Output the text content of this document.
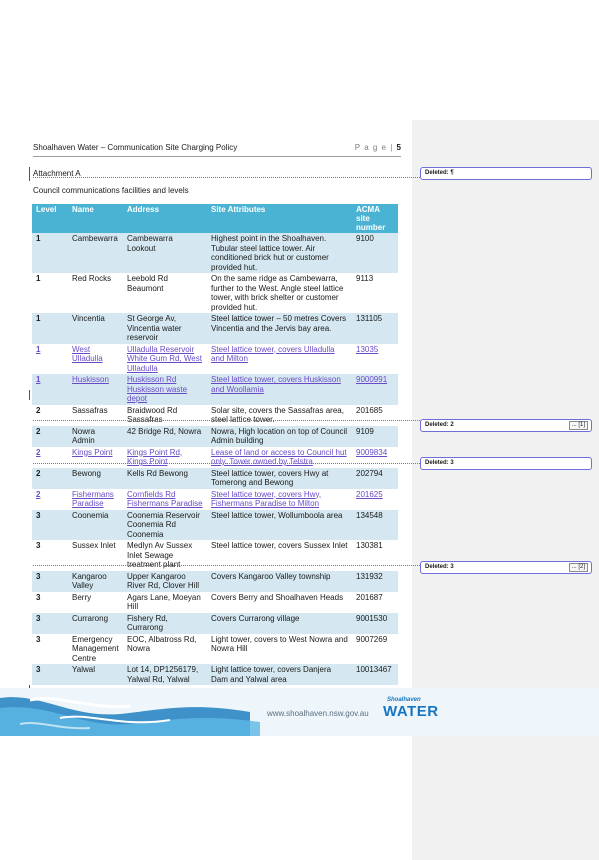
Shoalhaven Water – Communication Site Charging Policy	P a g e | 5
Attachment A
Council communications facilities and levels
Level	Name	Address	Site Attributes	ACMA site number
1	Cambewarra	Cambewarra Lookout	Highest point in the Shoalhaven. Tubular steel lattice tower. Air conditioned brick hut or customer provided hut.	9100
1	Red Rocks	Leebold Rd Beaumont	On the same ridge as Cambewarra, further to the West. Angle steel lattice tower, with brick shelter or customer provided hut.	9113
1	Vincentia	St George Av, Vincentia water reservoir	Steel lattice tower – 50 metres Covers Vincentia and the Jervis bay area.	131105
1	West Ulladulla	Ulladulla Reservoir White Gum Rd, West Ulladulla	Steel lattice tower, covers Ulladulla and Milton	13035
1	Huskisson	Huskisson Rd Huskisson waste depot	Steel lattice tower, covers Huskisson and Woollamia	9000991
2	Sassafras	Braidwood Rd Sassafras	Solar site, covers the Sassafras area, steel lattice tower.	201685
2	Nowra Admin	42 Bridge Rd, Nowra	Nowra, High location on top of Council Admin building	9109
2	Kings Point	Kings Point Rd, Kings Point	Lease of land or access to Council hut only. Tower owned by Telstra	9009834
2	Bewong	Kells Rd Bewong	Steel lattice tower, covers Hwy at Tomerong and Bewong	202794
2	Fishermans Paradise	Cornfields Rd Fishermans Paradise	Steel lattice tower, covers Hwy, Fishermans Paradise to Milton	201625
3	Coonemia	Coonemia Reservoir Coonemia Rd Coonemia	Steel lattice tower, Wollumboola area	134548
3	Sussex Inlet	Medlyn Av Sussex Inlet Sewage treatment plant	Steel lattice tower, covers Sussex Inlet	130381
3	Kangaroo Valley	Upper Kangaroo River Rd, Clover Hill	Covers Kangaroo Valley township	131932
3	Berry	Agars Lane, Moeyan Hill	Covers Berry and Shoalhaven Heads	201687
3	Currarong	Fishery Rd, Currarong	Covers Currarong village	9001530
3	Emergency Management Centre	EOC, Albatross Rd, Nowra	Light tower, covers to West Nowra and Nowra Hill	9007269
3	Yalwal	Lot 14, DP1256179, Yalwal Rd, Yalwal	Light lattice tower, covers Danjera Dam and Yalwal area	10013467
Deleted: ¶
Deleted: 2	... [1]
Deleted: 3
Deleted: 3	... [2]
www.shoalhaven.nsw.gov.au
Shoalhaven
WATER
